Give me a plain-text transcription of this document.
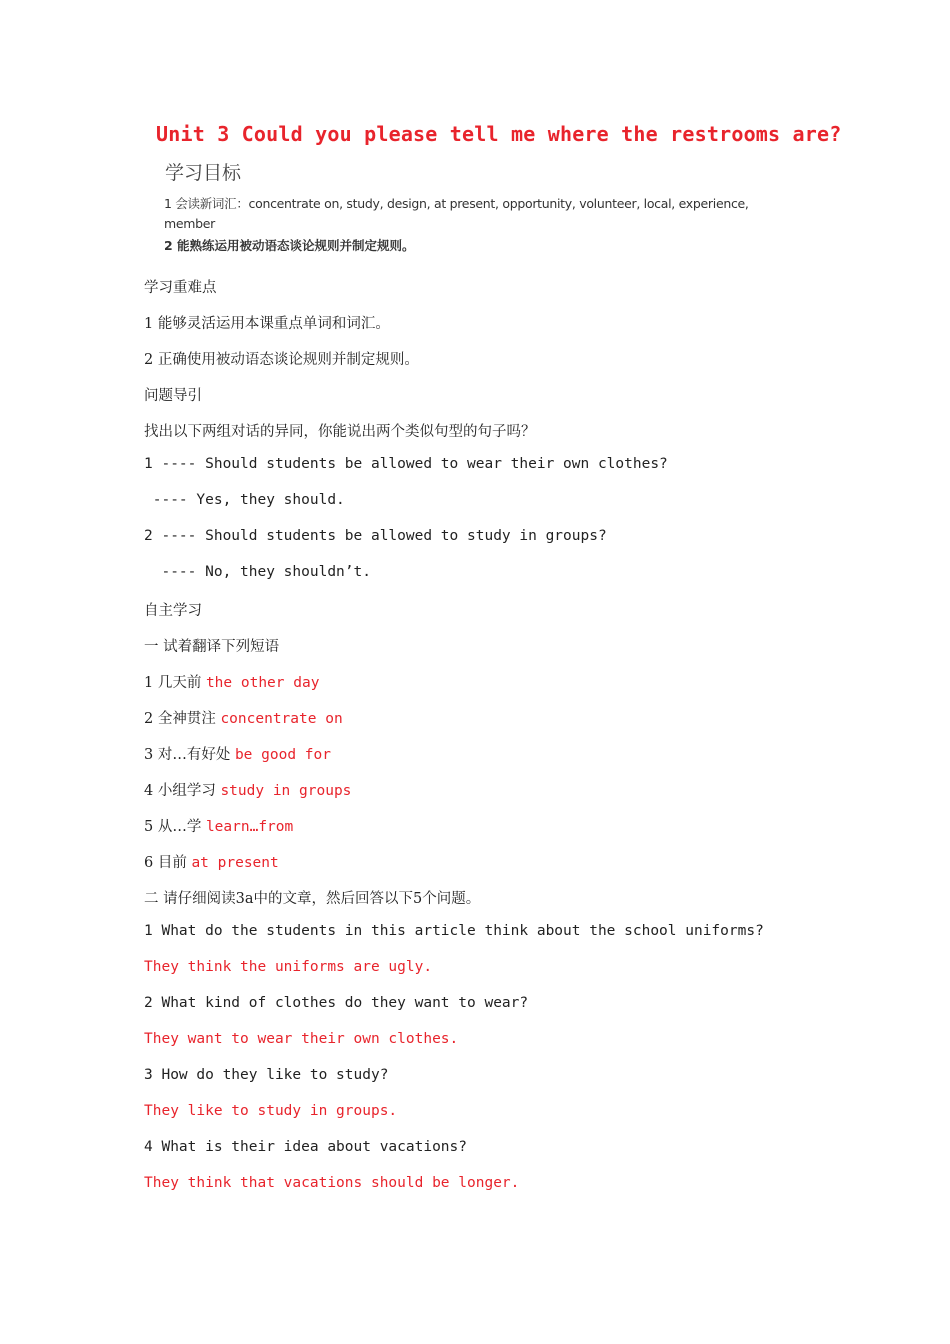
Unit 3 Could you please tell me where the restrooms are?
学习目标
1 会读新词汇：concentrate on, study, design, at present, opportunity, volunteer, local, experience,
member
2 能熟练运用被动语态谈论规则并制定规则。
学习重难点
1 能够灵活运用本课重点单词和词汇。
2 正确使用被动语态谈论规则并制定规则。
问题导引
找出以下两组对话的异同，你能说出两个类似句型的句子吗？
1 ---- Should students be allowed to wear their own clothes?
---- Yes, they should.
2 ---- Should students be allowed to study in groups?
---- No, they shouldn’t.
自主学习
一 试着翻译下列短语
1 几天前 the other day
2 全神贯注 concentrate on
3 对…有好处 be good for
4 小组学习 study in groups
5 从…学 learn…from
6 目前 at present
二 请仔细阅读3a中的文章，然后回答以下5个问题。
1 What do the students in this article think about the school uniforms?
They think the uniforms are ugly.
2 What kind of clothes do they want to wear?
They want to wear their own clothes.
3 How do they like to study?
They like to study in groups.
4 What is their idea about vacations?
They think that vacations should be longer.
